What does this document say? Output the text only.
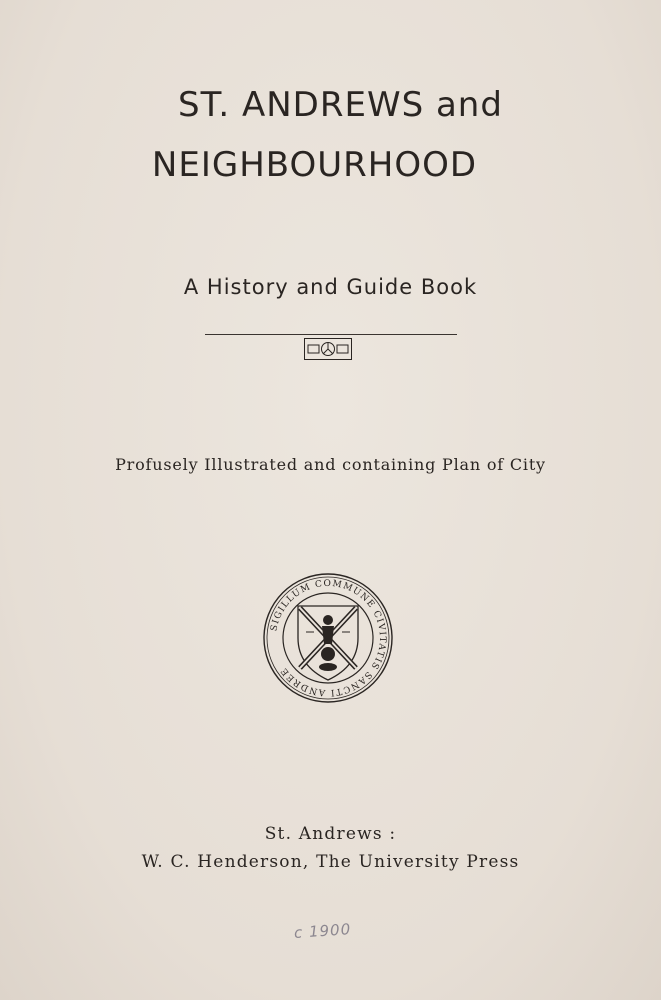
ST. ANDREWS and
NEIGHBOURHOOD
A History and Guide Book
Profusely Illustrated and containing Plan of City
SIGILLUM COMMUNE CIVITATIS SANCTI ANDREE
St. Andrews :
W. C. Henderson, The University Press
c 1900
